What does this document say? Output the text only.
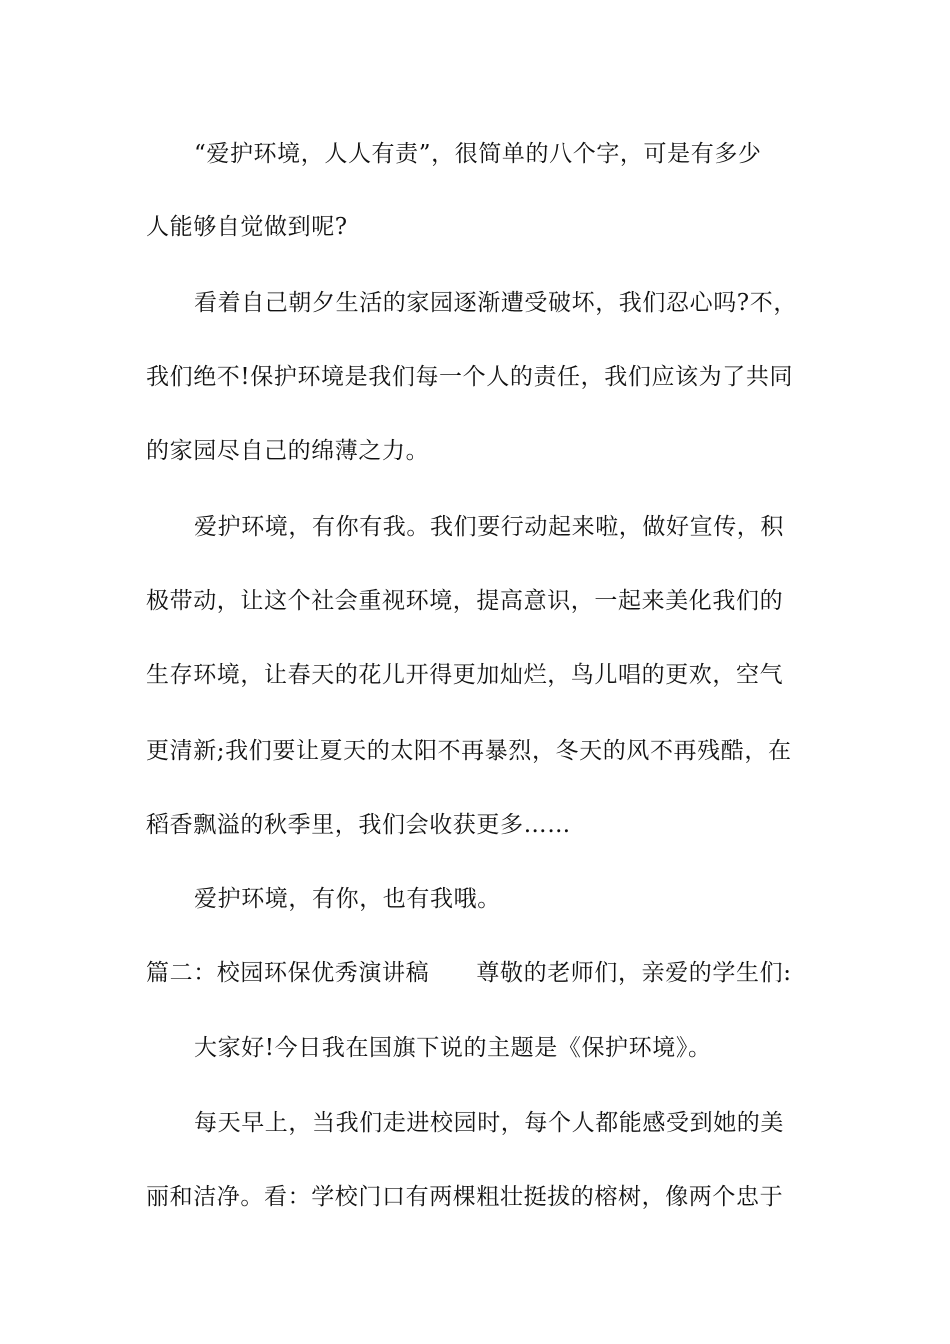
“爱护环境，人人有责”，很简单的八个字，可是有多少
人能够自觉做到呢?
看着自己朝夕生活的家园逐渐遭受破坏，我们忍心吗?不，
我们绝不!保护环境是我们每一个人的责任，我们应该为了共同
的家园尽自己的绵薄之力。
爱护环境，有你有我。我们要行动起来啦，做好宣传，积
极带动，让这个社会重视环境，提高意识，一起来美化我们的
生存环境，让春天的花儿开得更加灿烂，鸟儿唱的更欢，空气
更清新;我们要让夏天的太阳不再暴烈，冬天的风不再残酷，在
稻香飘溢的秋季里，我们会收获更多……
爱护环境，有你，也有我哦。
篇二：校园环保优秀演讲稿　　尊敬的老师们，亲爱的学生们:
大家好!今日我在国旗下说的主题是《保护环境》。
每天早上，当我们走进校园时，每个人都能感受到她的美
丽和洁净。看：学校门口有两棵粗壮挺拔的榕树，像两个忠于
